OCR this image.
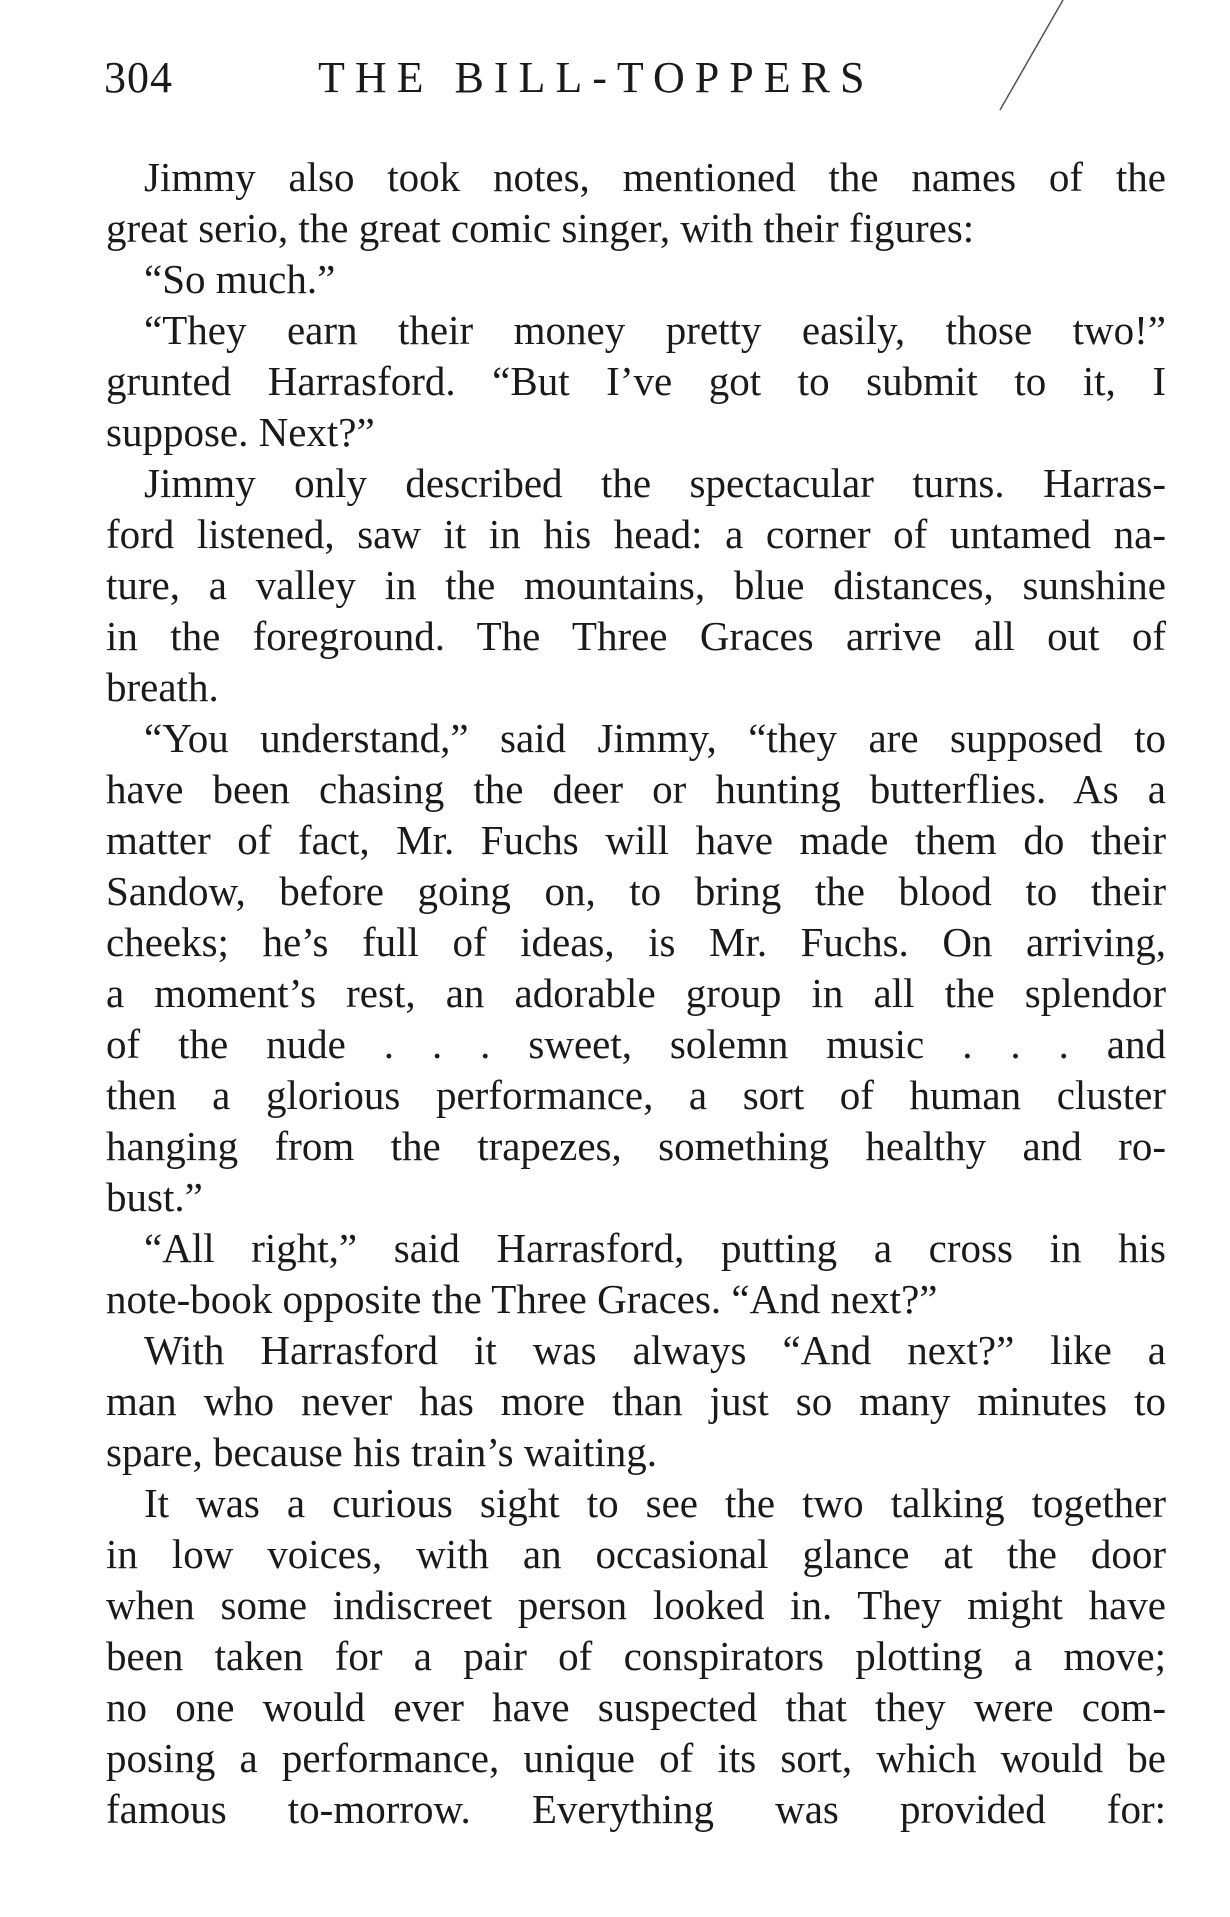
304	THE BILL-TOPPERS
Jimmy also took notes, mentioned the names of the
great serio, the great comic singer, with their figures:
“So much.”
“They earn their money pretty easily, those two!”
grunted Harrasford. “But I’ve got to submit to it, I
suppose. Next?”
Jimmy only described the spectacular turns. Harras-
ford listened, saw it in his head: a corner of untamed na-
ture, a valley in the mountains, blue distances, sunshine
in the foreground. The Three Graces arrive all out of
breath.
“You understand,” said Jimmy, “they are supposed to
have been chasing the deer or hunting butterflies. As a
matter of fact, Mr. Fuchs will have made them do their
Sandow, before going on, to bring the blood to their
cheeks; he’s full of ideas, is Mr. Fuchs. On arriving,
a moment’s rest, an adorable group in all the splendor
of the nude . . . sweet, solemn music . . . and
then a glorious performance, a sort of human cluster
hanging from the trapezes, something healthy and ro-
bust.”
“All right,” said Harrasford, putting a cross in his
note-book opposite the Three Graces. “And next?”
With Harrasford it was always “And next?” like a
man who never has more than just so many minutes to
spare, because his train’s waiting.
It was a curious sight to see the two talking together
in low voices, with an occasional glance at the door
when some indiscreet person looked in. They might have
been taken for a pair of conspirators plotting a move;
no one would ever have suspected that they were com-
posing a performance, unique of its sort, which would be
famous to-morrow. Everything was provided for:
